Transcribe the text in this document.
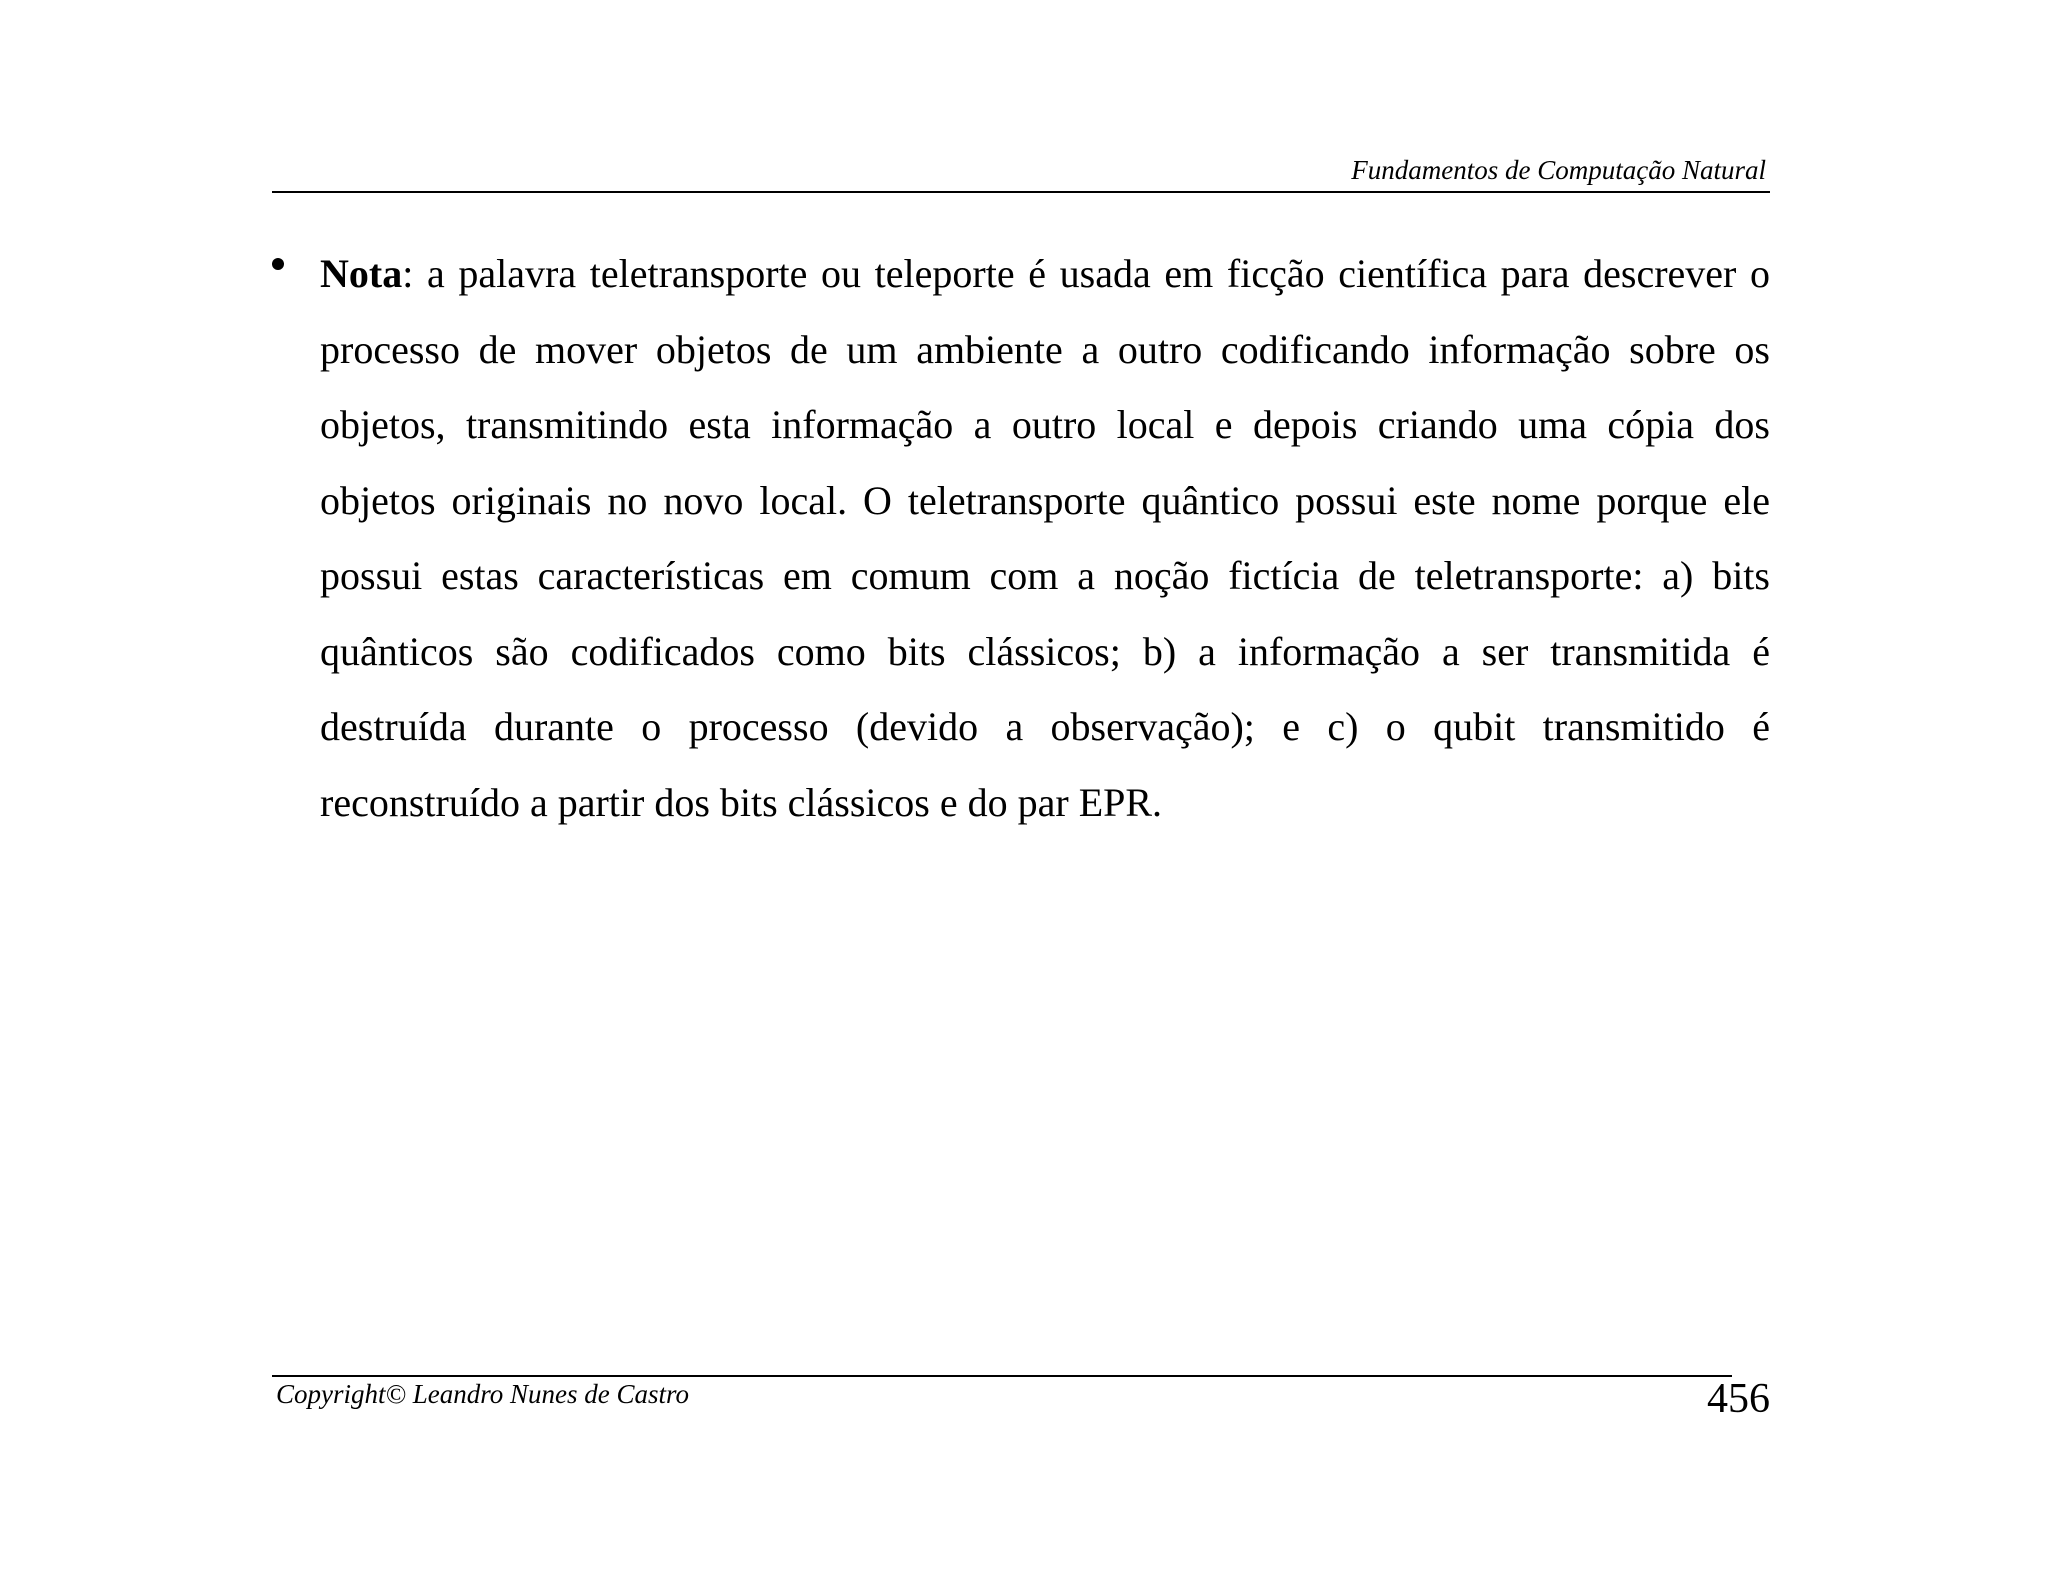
Fundamentos de Computação Natural

Nota: a palavra teletransporte ou teleporte é usada em ficção científica para descrever o processo de mover objetos de um ambiente a outro codificando informação sobre os objetos, transmitindo esta informação a outro local e depois criando uma cópia dos objetos originais no novo local. O teletransporte quântico possui este nome porque ele possui estas características em comum com a noção fictícia de teletransporte: a) bits quânticos são codificados como bits clássicos; b) a informação a ser transmitida é destruída durante o processo (devido a observação); e c) o qubit transmitido é reconstruído a partir dos bits clássicos e do par EPR.

Copyright© Leandro Nunes de Castro	456
